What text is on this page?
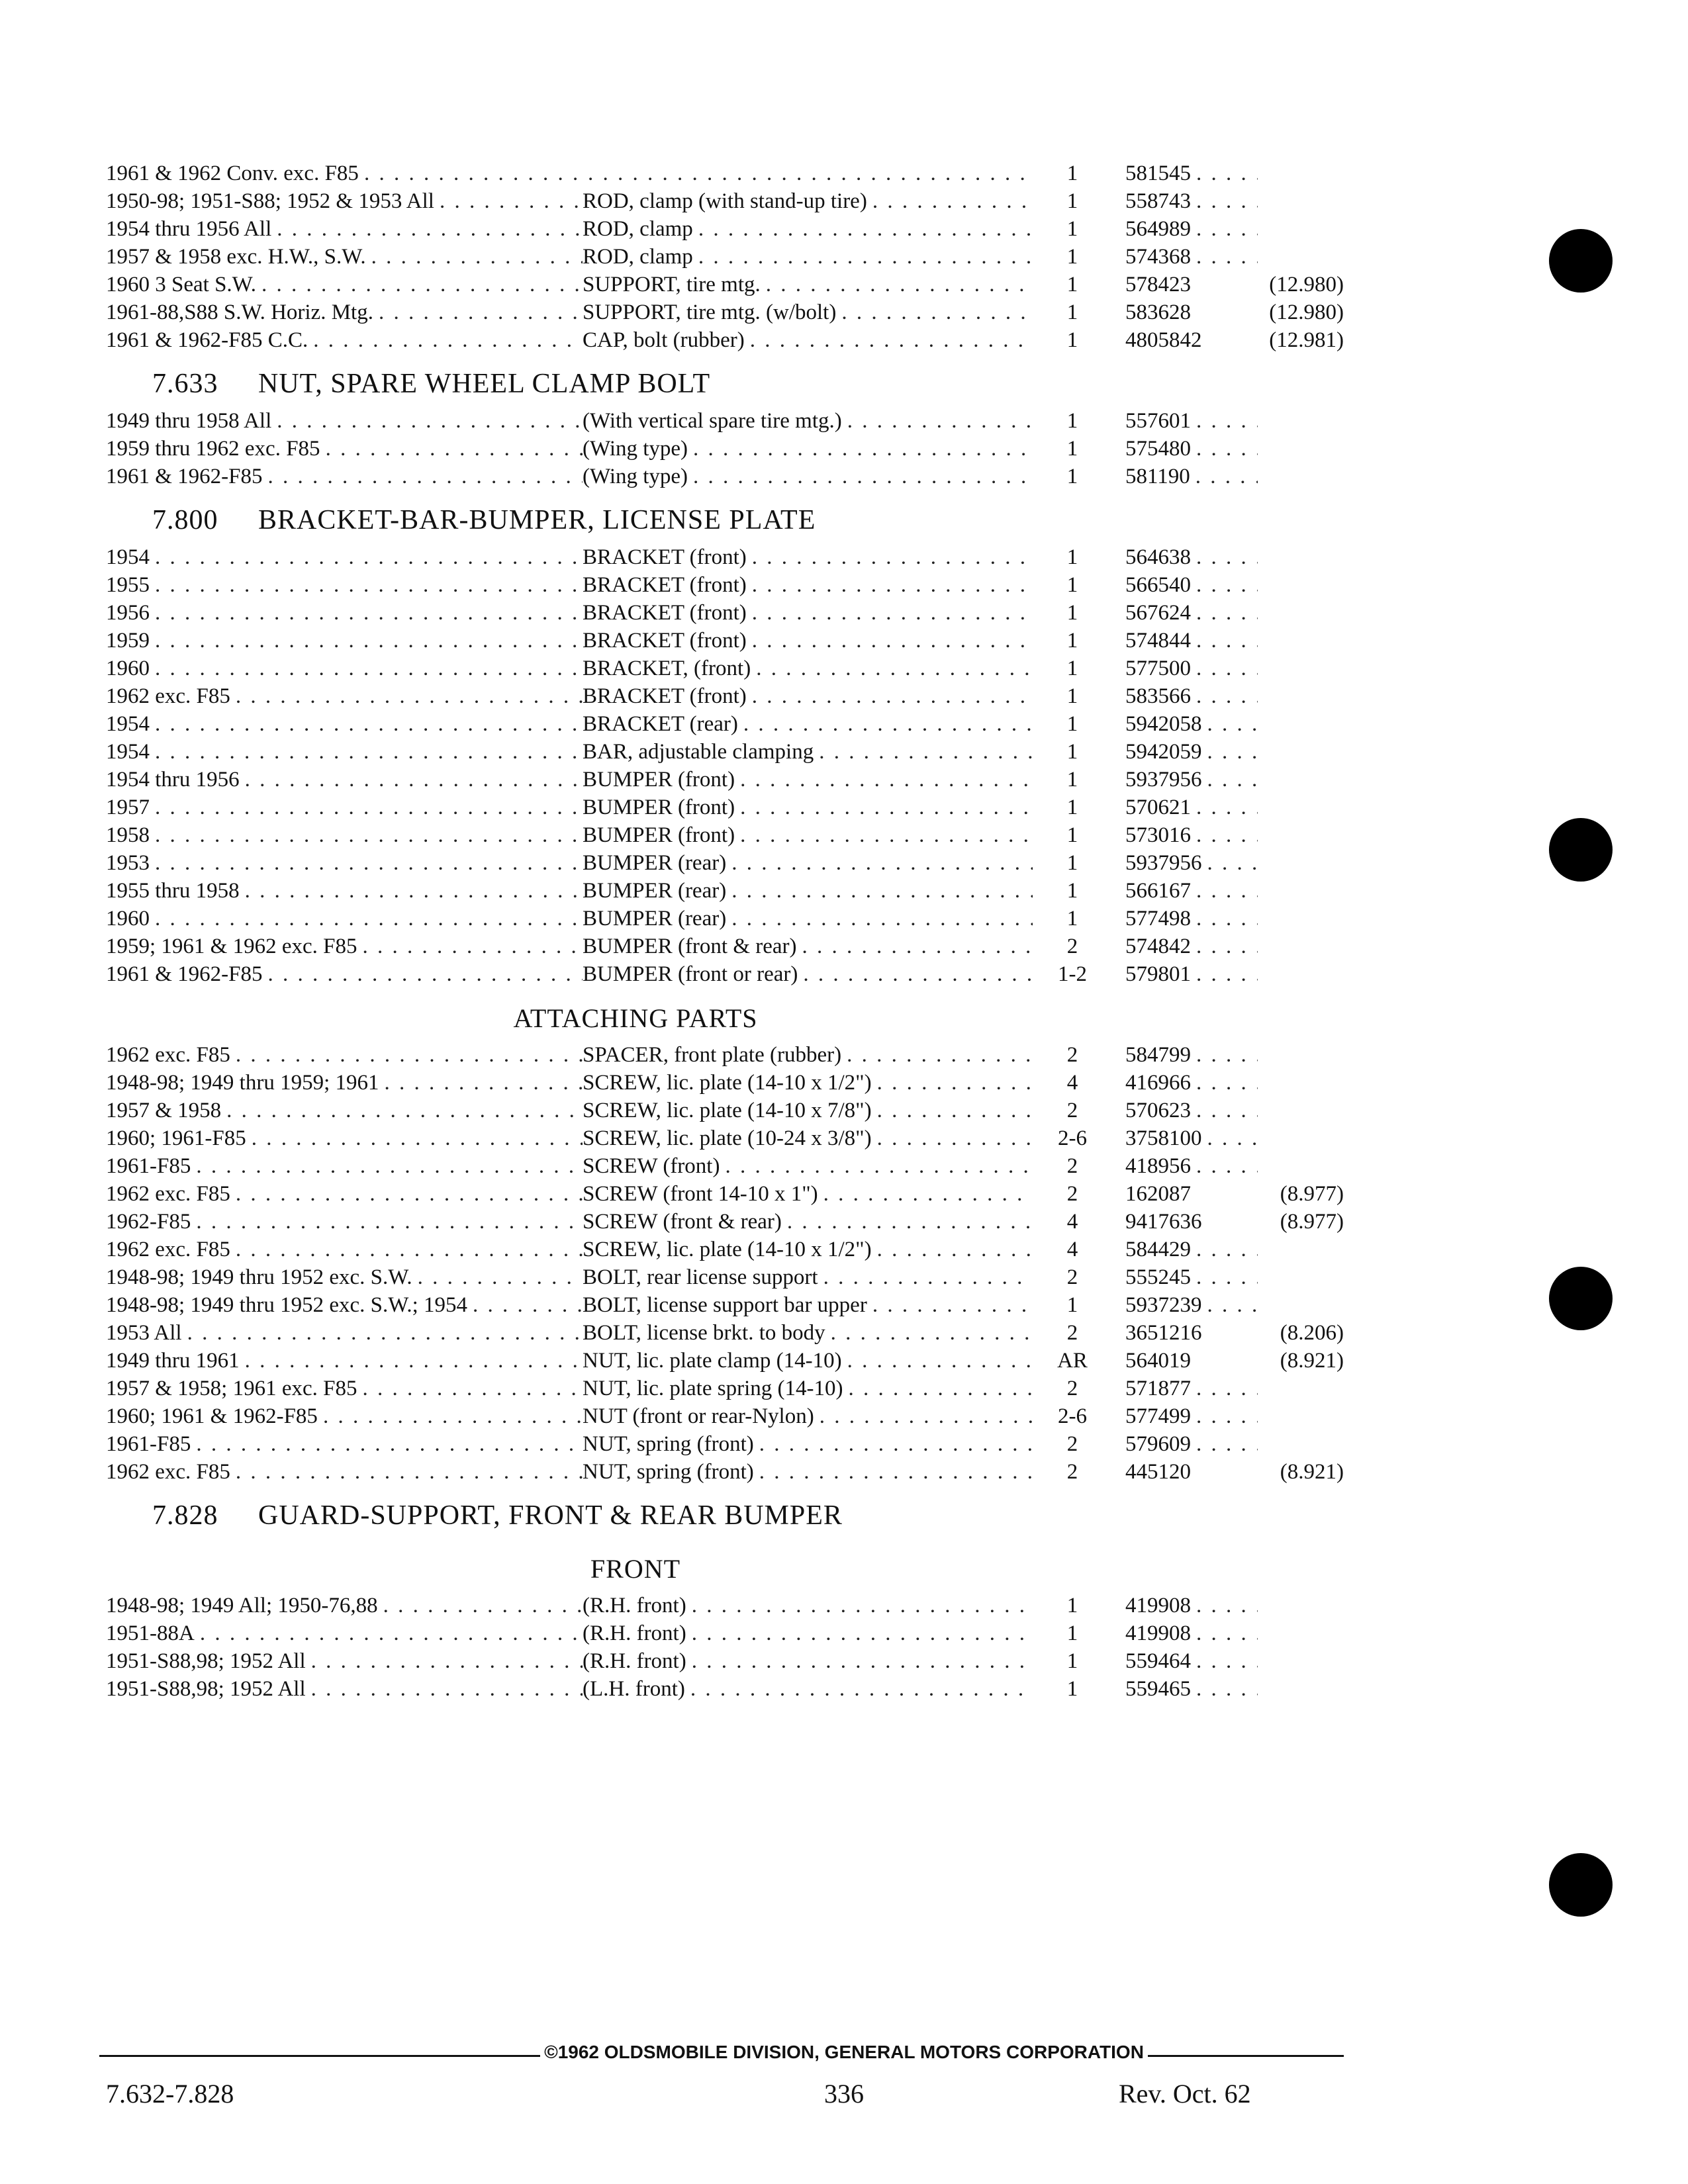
1961 & 1962 Conv. exc. F85 . . . . . .	1	581545
. . .
1950-98; 1951-S88; 1952 & 1953 All . . .	ROD, clamp (with stand-up tire) . . .	1	558743
. . .
1954 thru 1956 All . . .	ROD, clamp . . .	1	564989
. . .
1957 & 1958 exc. H.W., S.W. . . .	ROD, clamp . . .	1	574368
. . .
1960 3 Seat S.W. . . .	SUPPORT, tire mtg. . . .	1	578423	(12.980)
1961-88,S88 S.W. Horiz. Mtg. . . .	SUPPORT, tire mtg. (w/bolt) . . .	1	583628	(12.980)
1961 & 1962-F85 C.C. . . .	CAP, bolt (rubber) . . .	1	4805842	(12.981)
7.633	NUT, SPARE WHEEL CLAMP BOLT
1949 thru 1958 All . . .	(With vertical spare tire mtg.) . . .	1	557601
. . .
1959 thru 1962 exc. F85 . . .	(Wing type) . . .	1	575480
. . .
1961 & 1962-F85 . . .	(Wing type) . . .	1	581190
. . .
7.800	BRACKET-BAR-BUMPER, LICENSE PLATE
1954 . . .	BRACKET (front) . . .	1	564638
. . .
1955 . . .	BRACKET (front) . . .	1	566540
. . .
1956 . . .	BRACKET (front) . . .	1	567624
. . .
1959 . . .	BRACKET (front) . . .	1	574844
. . .
1960 . . .	BRACKET, (front) . . .	1	577500
. . .
1962 exc. F85 . . .	BRACKET (front) . . .	1	583566
. . .
1954 . . .	BRACKET (rear) . . .	1	5942058
. . .
1954 . . .	BAR, adjustable clamping . . .	1	5942059
. . .
1954 thru 1956 . . .	BUMPER (front) . . .	1	5937956
. . .
1957 . . .	BUMPER (front) . . .	1	570621
. . .
1958 . . .	BUMPER (front) . . .	1	573016
. . .
1953 . . .	BUMPER (rear) . . .	1	5937956
. . .
1955 thru 1958 . . .	BUMPER (rear) . . .	1	566167
. . .
1960 . . .	BUMPER (rear) . . .	1	577498
. . .
1959; 1961 & 1962 exc. F85 . . .	BUMPER (front & rear) . . .	2	574842
. . .
1961 & 1962-F85 . . .	BUMPER (front or rear) . . .	1-2	579801
. . .
ATTACHING PARTS
1962 exc. F85 . . .	SPACER, front plate (rubber) . . .	2	584799
. . .
1948-98; 1949 thru 1959; 1961 . . .	SCREW, lic. plate (14-10 x 1/2") . . .	4	416966
. . .
1957 & 1958 . . .	SCREW, lic. plate (14-10 x 7/8") . . .	2	570623
. . .
1960; 1961-F85 . . .	SCREW, lic. plate (10-24 x 3/8") . . .	2-6	3758100
. . .
1961-F85 . . .	SCREW (front) . . .	2	418956
. . .
1962 exc. F85 . . .	SCREW (front 14-10 x 1") . . .	2	162087	(8.977)
1962-F85 . . .	SCREW (front & rear) . . .	4	9417636	(8.977)
1962 exc. F85 . . .	SCREW, lic. plate (14-10 x 1/2") . . .	4	584429
. . .
1948-98; 1949 thru 1952 exc. S.W. . . .	BOLT, rear license support . . .	2	555245
. . .
1948-98; 1949 thru 1952 exc. S.W.; 1954 . . .	BOLT, license support bar upper . . .	1	5937239
. . .
1953 All . . .	BOLT, license brkt. to body . . .	2	3651216	(8.206)
1949 thru 1961 . . .	NUT, lic. plate clamp (14-10) . . .	AR	564019	(8.921)
1957 & 1958; 1961 exc. F85 . . .	NUT, lic. plate spring (14-10) . . .	2	571877
. . .
1960; 1961 & 1962-F85 . . .	NUT (front or rear-Nylon) . . .	2-6	577499
. . .
1961-F85 . . .	NUT, spring (front) . . .	2	579609
. . .
1962 exc. F85 . . .	NUT, spring (front) . . .	2	445120	(8.921)
7.828	GUARD-SUPPORT, FRONT & REAR BUMPER
FRONT
1948-98; 1949 All; 1950-76,88 . . .	(R.H. front) . . .	1	419908
. . .
1951-88A . . .	(R.H. front) . . .	1	419908
. . .
1951-S88,98; 1952 All . . .	(R.H. front) . . .	1	559464
. . .
1951-S88,98; 1952 All . . .	(L.H. front) . . .	1	559465
. . .
©1962 OLDSMOBILE DIVISION, GENERAL MOTORS CORPORATION
7.632-7.828	336	Rev. Oct. 62
